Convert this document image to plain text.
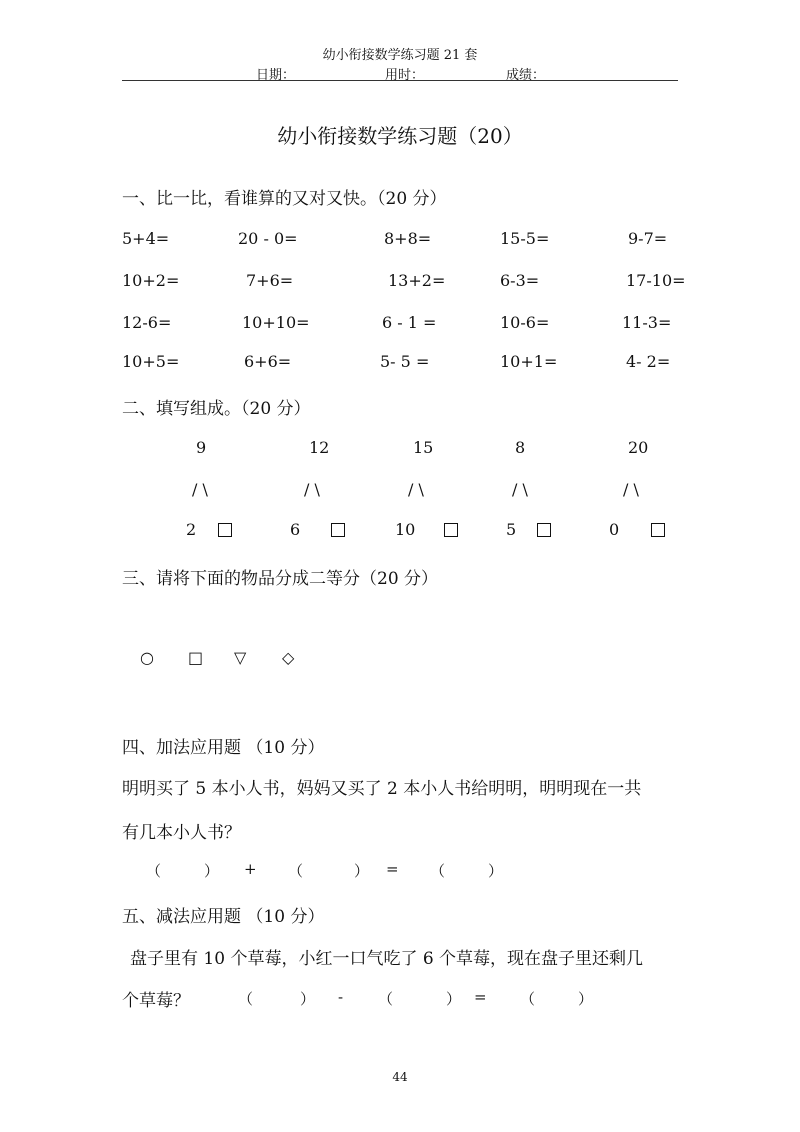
幼小衔接数学练习题 21 套
日期：	用时：	成绩：
幼小衔接数学练习题（20）
一、比一比，看谁算的又对又快。（20 分）
5+4=	20 - 0=	8+8=	15-5=	9-7=
10+2=	7+6=	13+2=	6-3=	17-10=
12-6=	10+10=	6 - 1 =	10-6=	11-3=
10+5=	6+6=	5- 5 =	10+1=	4- 2=
二、填写组成。（20 分）
9	12	15	8	20
/ \	/ \	/ \	/ \	/ \
2	6	10	5	0
三、请将下面的物品分成二等分（20 分）
○ □ ▽ ◇
四、加法应用题 （10 分）
明明买了 5 本小人书，妈妈又买了 2 本小人书给明明，明明现在一共
有几本小人书？
（	） + （	） = （	）
五、减法应用题 （10 分）
盘子里有 10 个草莓，小红一口气吃了 6 个草莓，现在盘子里还剩几
个草莓？	（	） - （	） = （	）
44
